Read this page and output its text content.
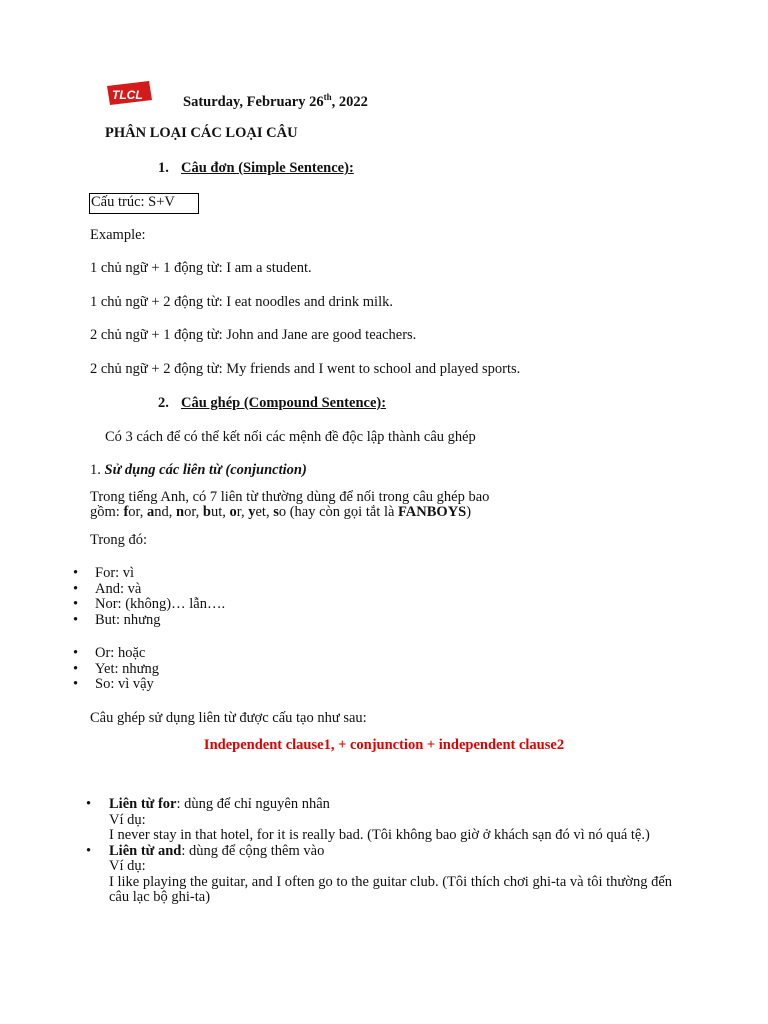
TLCL	Saturday, February 26th, 2022
PHÂN LOẠI CÁC LOẠI CÂU
1. Câu đơn (Simple Sentence):
Cấu trúc: S+V
Example:
1 chủ ngữ + 1 động từ: I am a student.
1 chủ ngữ + 2 động từ: I eat noodles and drink milk.
2 chủ ngữ + 1 động từ: John and Jane are good teachers.
2 chủ ngữ + 2 động từ: My friends and I went to school and played sports.
2. Câu ghép (Compound Sentence):
Có 3 cách để có thể kết nối các mệnh đề độc lập thành câu ghép
1. Sử dụng các liên từ (conjunction)
Trong tiếng Anh, có 7 liên từ thường dùng để nối trong câu ghép bao
gồm: for, and, nor, but, or, yet, so (hay còn gọi tắt là FANBOYS)
Trong đó:
• For: vì
• And: và
• Nor: (không)… lẫn….
• But: nhưng
• Or: hoặc
• Yet: nhưng
• So: vì vậy
Câu ghép sử dụng liên từ được cấu tạo như sau:
Independent clause1, + conjunction + independent clause2
• Liên từ for: dùng để chỉ nguyên nhân
Ví dụ:
I never stay in that hotel, for it is really bad. (Tôi không bao giờ ở khách sạn đó vì nó quá tệ.)
• Liên từ and: dùng để cộng thêm vào
Ví dụ:
I like playing the guitar, and I often go to the guitar club. (Tôi thích chơi ghi-ta và tôi thường đến câu lạc bộ ghi-ta)
